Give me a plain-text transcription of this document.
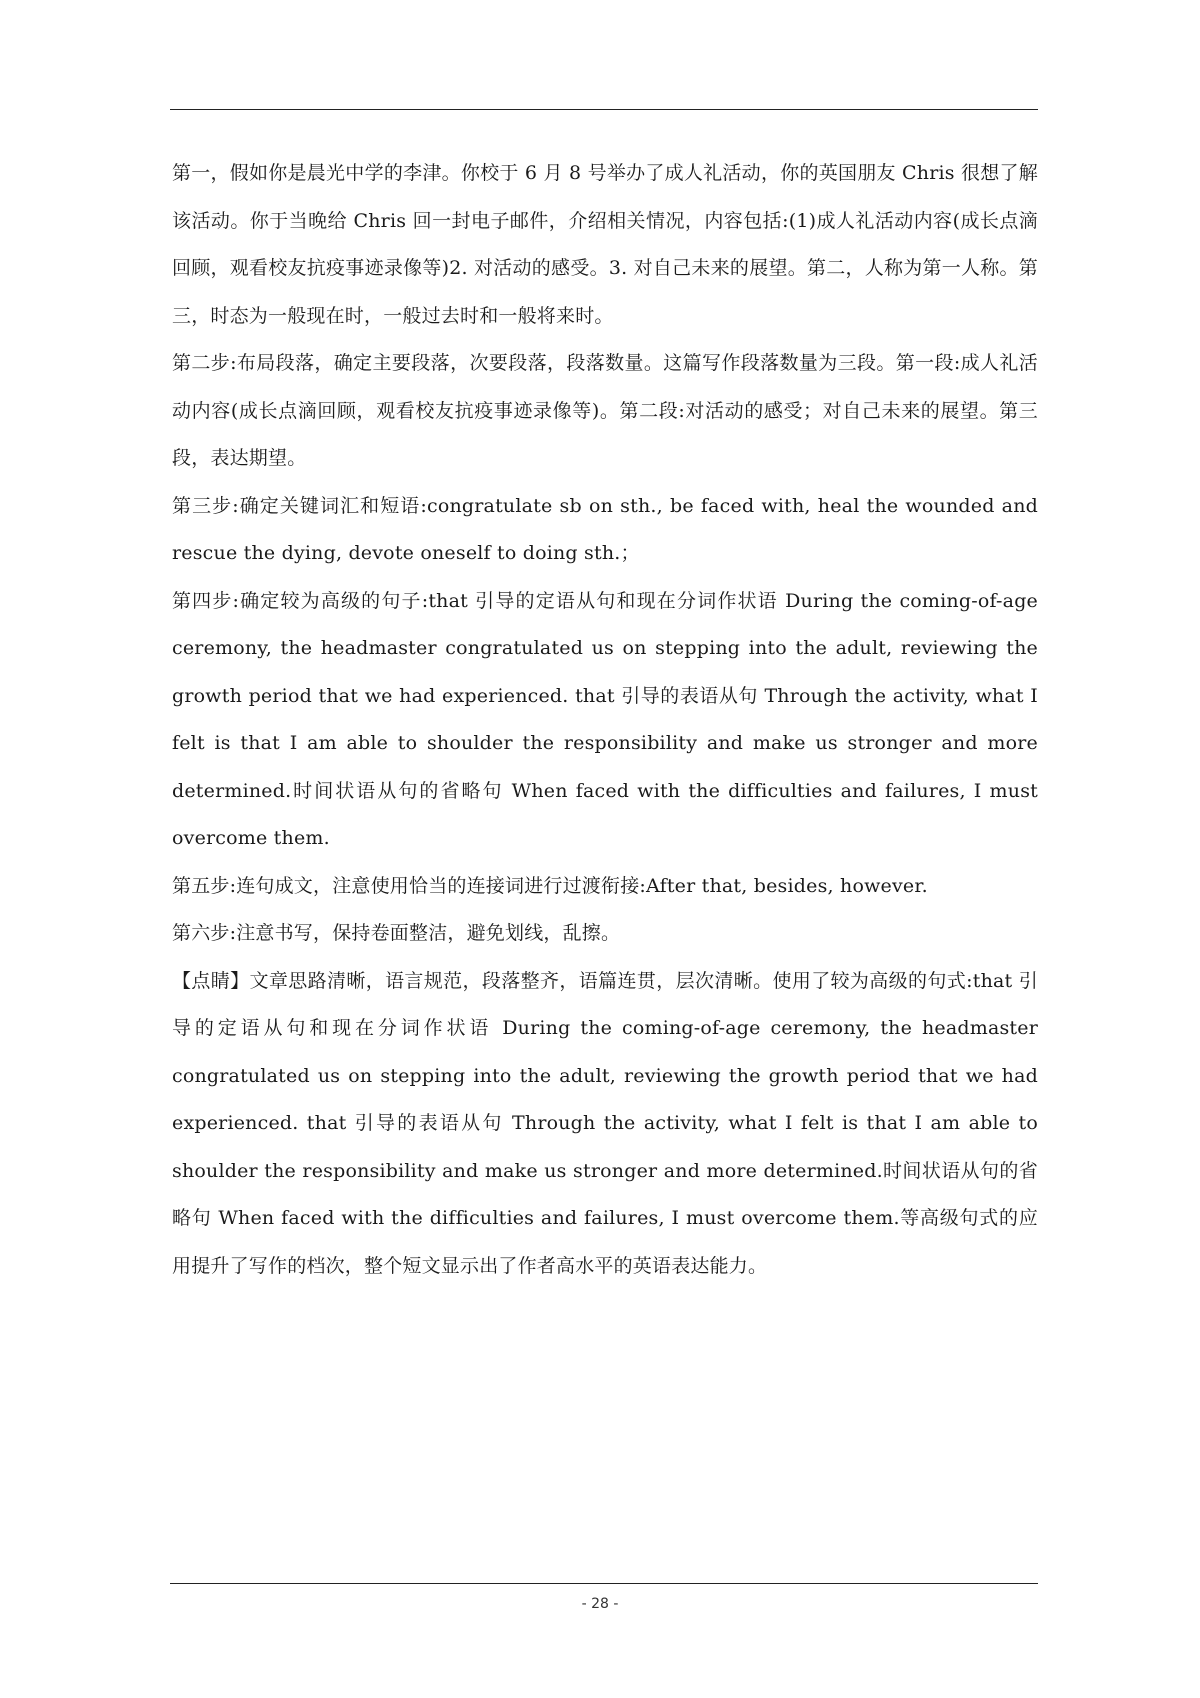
第一，假如你是晨光中学的李津。你校于 6 月 8 号举办了成人礼活动，你的英国朋友 Chris 很想了解该活动。你于当晚给 Chris 回一封电子邮件，介绍相关情况，内容包括:(1)成人礼活动内容(成长点滴回顾，观看校友抗疫事迹录像等)2. 对活动的感受。3. 对自己未来的展望。第二，人称为第一人称。第三，时态为一般现在时，一般过去时和一般将来时。

第二步:布局段落，确定主要段落，次要段落，段落数量。这篇写作段落数量为三段。第一段:成人礼活动内容(成长点滴回顾，观看校友抗疫事迹录像等)。第二段:对活动的感受；对自己未来的展望。第三段，表达期望。

第三步:确定关键词汇和短语:congratulate sb on sth., be faced with, heal the wounded and rescue the dying, devote oneself to doing sth.；

第四步:确定较为高级的句子:that 引导的定语从句和现在分词作状语 During the coming-of-age ceremony, the headmaster congratulated us on stepping into the adult, reviewing the growth period that we had experienced. that 引导的表语从句 Through the activity, what I felt is that I am able to shoulder the responsibility and make us stronger and more determined.时间状语从句的省略句 When faced with the difficulties and failures, I must overcome them.

第五步:连句成文，注意使用恰当的连接词进行过渡衔接:After that, besides, however.

第六步:注意书写，保持卷面整洁，避免划线，乱擦。

【点睛】文章思路清晰，语言规范，段落整齐，语篇连贯，层次清晰。使用了较为高级的句式:that 引导的定语从句和现在分词作状语 During the coming-of-age ceremony, the headmaster congratulated us on stepping into the adult, reviewing the growth period that we had experienced. that 引导的表语从句 Through the activity, what I felt is that I am able to shoulder the responsibility and make us stronger and more determined.时间状语从句的省略句 When faced with the difficulties and failures, I must overcome them.等高级句式的应用提升了写作的档次，整个短文显示出了作者高水平的英语表达能力。

- 28 -
